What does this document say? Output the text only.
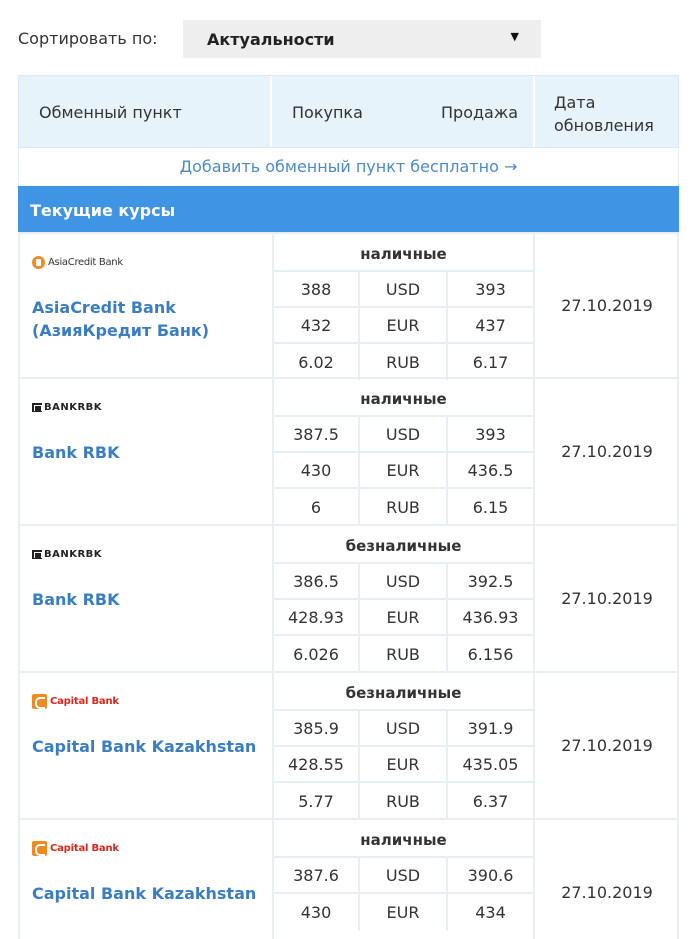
Сортировать по:	Актуальности	▼
Обменный пункт	Покупка	Продажа
Дата обновления
Добавить обменный пункт бесплатно →
Текущие курсы
AsiaCredit Bank
AsiaCredit Bank (АзияКредит Банк)
наличные
388	USD	393
432	EUR	437
6.02	RUB	6.17
27.10.2019
BANKRBK
Bank RBK
наличные
387.5	USD	393
430	EUR	436.5
6	RUB	6.15
27.10.2019
BANKRBK
Bank RBK
безналичные
386.5	USD	392.5
428.93	EUR	436.93
6.026	RUB	6.156
27.10.2019
Capital Bank
Capital Bank Kazakhstan
безналичные
385.9	USD	391.9
428.55	EUR	435.05
5.77	RUB	6.37
27.10.2019
Capital Bank
Capital Bank Kazakhstan
наличные
387.6	USD	390.6
430	EUR	434
27.10.2019
